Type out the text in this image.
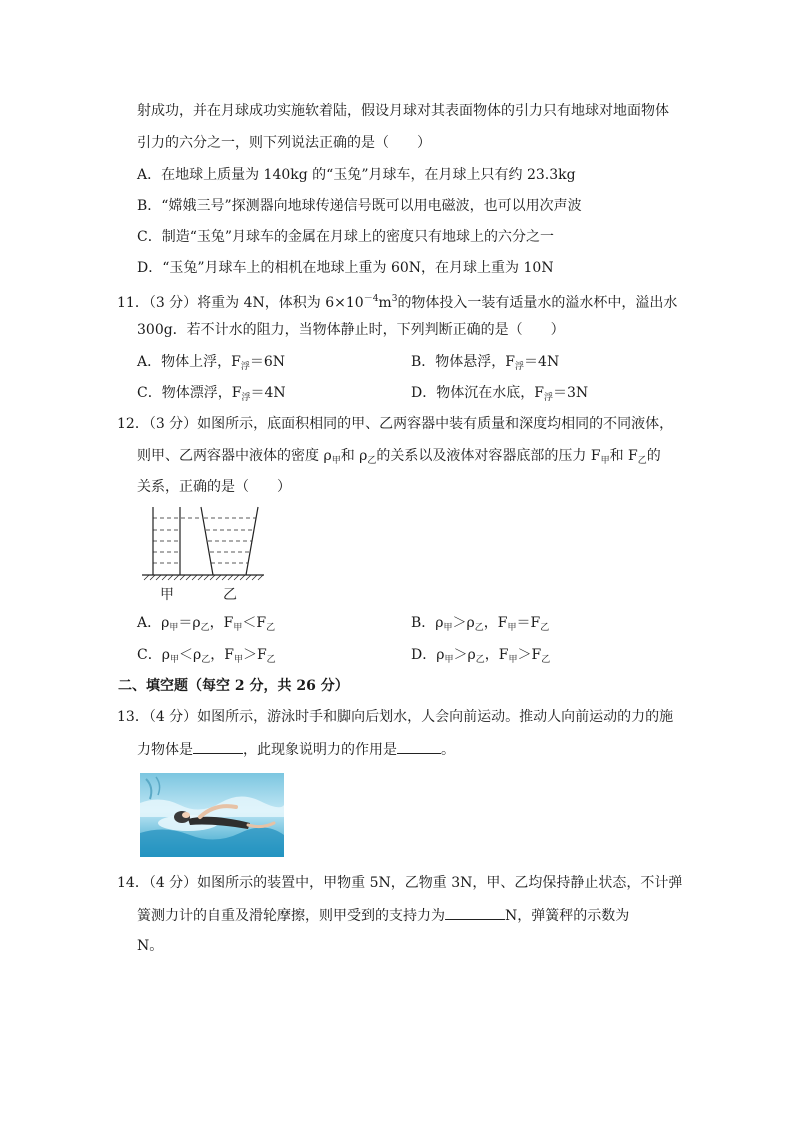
射成功，并在月球成功实施软着陆，假设月球对其表面物体的引力只有地球对地面物体
引力的六分之一，则下列说法正确的是（　　）
A．在地球上质量为 140kg 的“玉兔”月球车，在月球上只有约 23.3kg
B．“嫦娥三号”探测器向地球传递信号既可以用电磁波，也可以用次声波
C．制造“玉兔”月球车的金属在月球上的密度只有地球上的六分之一
D．“玉兔”月球车上的相机在地球上重为 60N，在月球上重为 10N
11．（3 分）将重为 4N，体积为 $6\times 10^{-4}m^3$的物体投入一装有适量水的溢水杯中，溢出水
300g．若不计水的阻力，当物体静止时，下列判断正确的是（　　）
A．物体上浮，$F_浮=6N$	B．物体悬浮，$F_浮=4N$
C．物体漂浮，$F_浮=4N$	D．物体沉在水底，$F_浮=3N$
12．（3 分）如图所示，底面积相同的甲、乙两容器中装有质量和深度均相同的不同液体，
则甲、乙两容器中液体的密度 $\rho_甲$和 $\rho_乙$的关系以及液体对容器底部的压力 $F_甲$和 $F_乙$的
关系，正确的是（　　）
甲	乙
A．$\rho_甲=\rho_乙$，$F_甲<F_乙$	B．$\rho_甲>\rho_乙$，$F_甲=F_乙$
C．$\rho_甲<\rho_乙$，$F_甲>F_乙$	D．$\rho_甲>\rho_乙$，$F_甲>F_乙$
二、填空题（每空 2 分，共 26 分）
13．（4 分）如图所示，游泳时手和脚向后划水，人会向前运动。推动人向前运动的力的施
力物体是	，此现象说明力的作用是	。
14．（4 分）如图所示的装置中，甲物重 5N，乙物重 3N，甲、乙均保持静止状态，不计弹
簧测力计的自重及滑轮摩擦，则甲受到的支持力为	N，弹簧秤的示数为
N。
